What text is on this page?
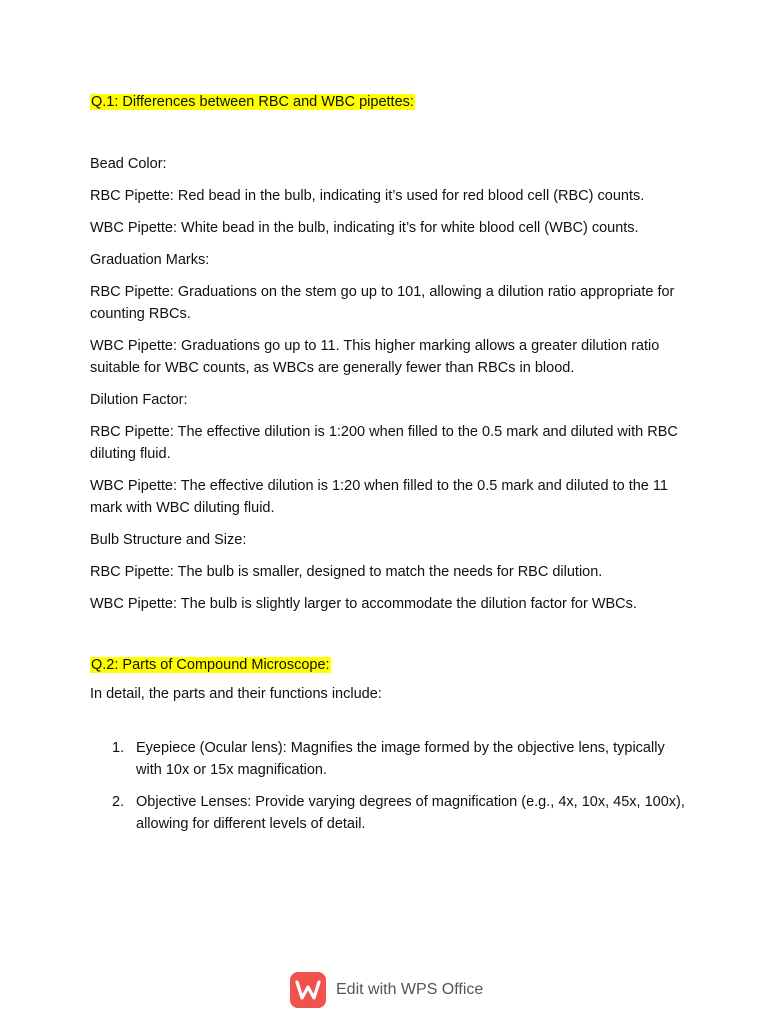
Q.1: Differences between RBC and WBC pipettes:

Bead Color:

RBC Pipette: Red bead in the bulb, indicating it’s used for red blood cell (RBC) counts.

WBC Pipette: White bead in the bulb, indicating it’s for white blood cell (WBC) counts.

Graduation Marks:

RBC Pipette: Graduations on the stem go up to 101, allowing a dilution ratio appropriate for counting RBCs.

WBC Pipette: Graduations go up to 11. This higher marking allows a greater dilution ratio suitable for WBC counts, as WBCs are generally fewer than RBCs in blood.

Dilution Factor:

RBC Pipette: The effective dilution is 1:200 when filled to the 0.5 mark and diluted with RBC diluting fluid.

WBC Pipette: The effective dilution is 1:20 when filled to the 0.5 mark and diluted to the 11 mark with WBC diluting fluid.

Bulb Structure and Size:

RBC Pipette: The bulb is smaller, designed to match the needs for RBC dilution.

WBC Pipette: The bulb is slightly larger to accommodate the dilution factor for WBCs.

Q.2: Parts of Compound Microscope:

In detail, the parts and their functions include:

1. Eyepiece (Ocular lens): Magnifies the image formed by the objective lens, typically with 10x or 15x magnification.
2. Objective Lenses: Provide varying degrees of magnification (e.g., 4x, 10x, 45x, 100x), allowing for different levels of detail.
Edit with WPS Office
